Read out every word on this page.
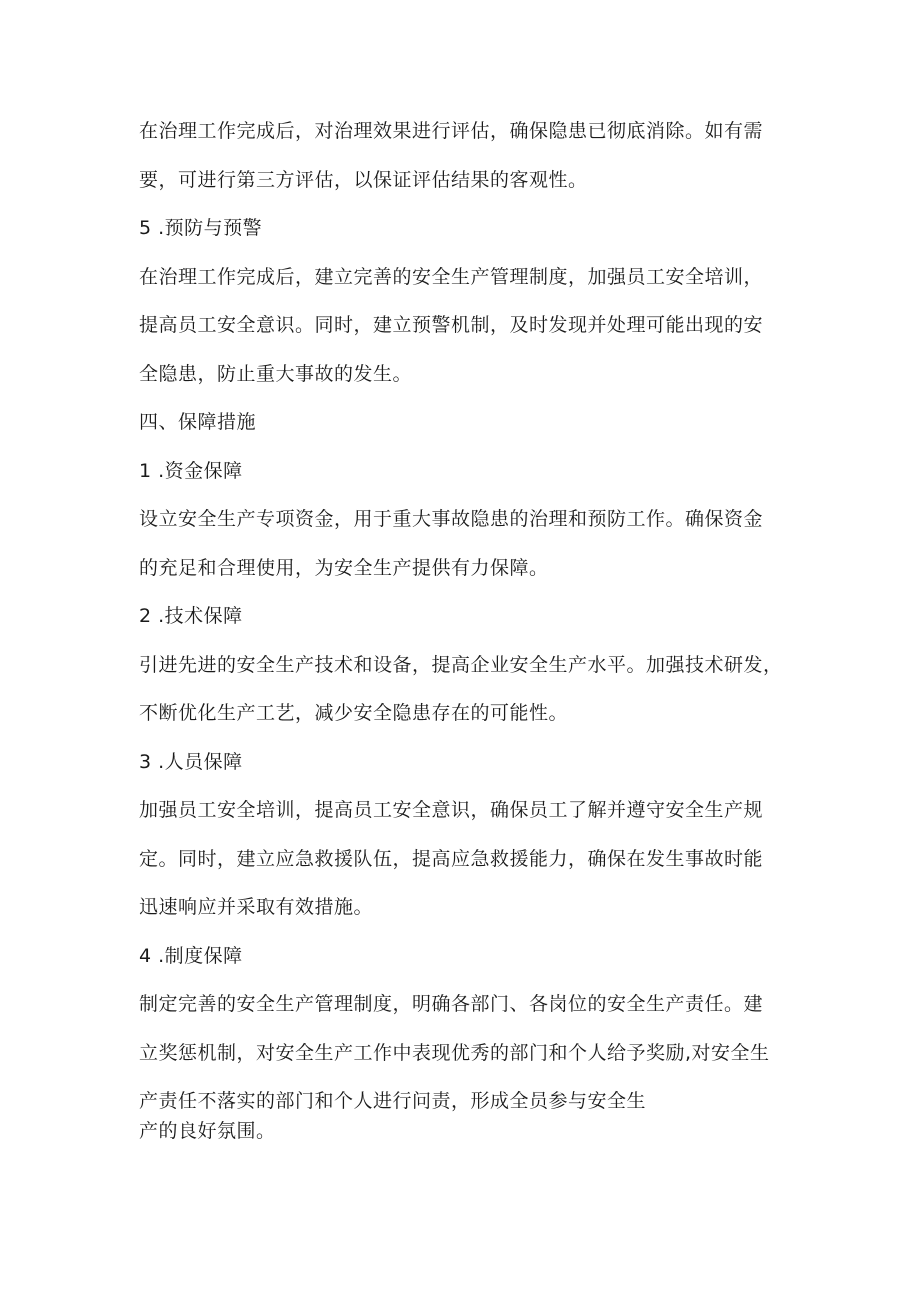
在治理工作完成后，对治理效果进行评估，确保隐患已彻底消除。如有需
要，可进行第三方评估，以保证评估结果的客观性。
5 .预防与预警
在治理工作完成后，建立完善的安全生产管理制度，加强员工安全培训，
提高员工安全意识。同时，建立预警机制，及时发现并处理可能出现的安
全隐患，防止重大事故的发生。
四、保障措施
1 .资金保障
设立安全生产专项资金，用于重大事故隐患的治理和预防工作。确保资金
的充足和合理使用，为安全生产提供有力保障。
2 .技术保障
引进先进的安全生产技术和设备，提高企业安全生产水平。加强技术研发，
不断优化生产工艺，减少安全隐患存在的可能性。
3 .人员保障
加强员工安全培训，提高员工安全意识，确保员工了解并遵守安全生产规
定。同时，建立应急救援队伍，提高应急救援能力，确保在发生事故时能
迅速响应并采取有效措施。
4 .制度保障
制定完善的安全生产管理制度，明确各部门、各岗位的安全生产责任。建
立奖惩机制，对安全生产工作中表现优秀的部门和个人给予奖励,对安全生
产责任不落实的部门和个人进行问责，形成全员参与安全生
产的良好氛围。
